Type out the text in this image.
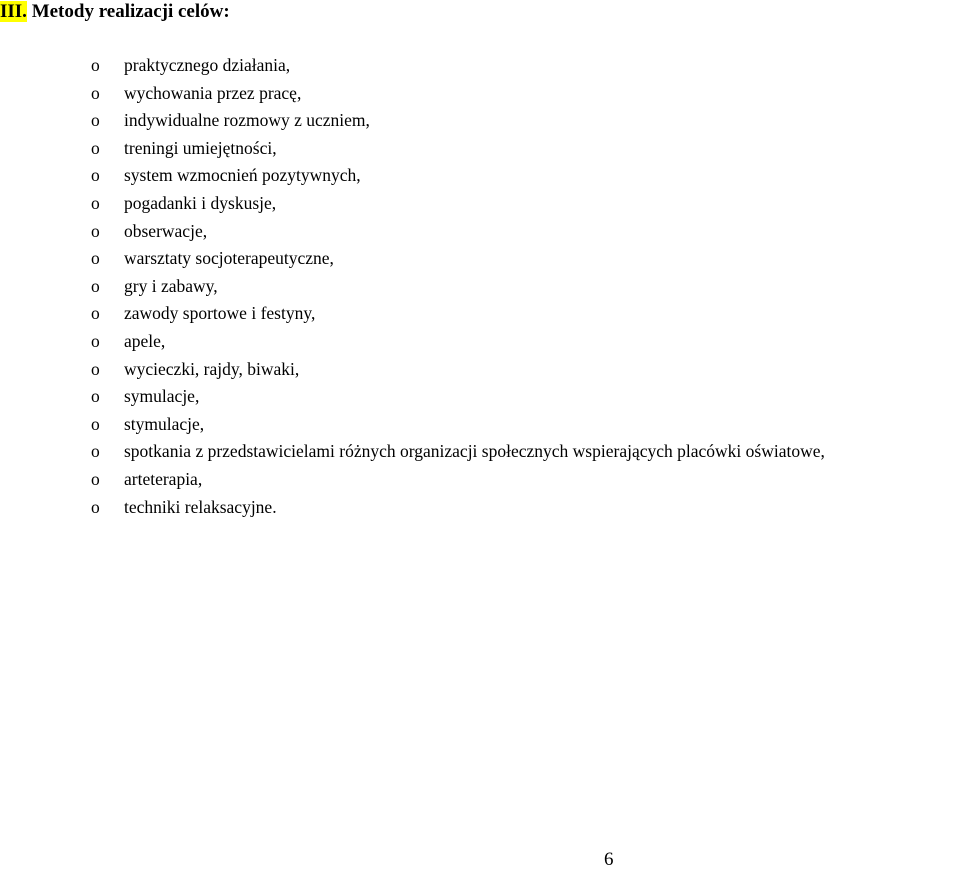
III. Metody realizacji celów:
o praktycznego działania,
o wychowania przez pracę,
o indywidualne rozmowy z uczniem,
o treningi umiejętności,
o system wzmocnień pozytywnych,
o pogadanki i dyskusje,
o obserwacje,
o warsztaty socjoterapeutyczne,
o gry i zabawy,
o zawody sportowe i festyny,
o apele,
o wycieczki, rajdy, biwaki,
o symulacje,
o stymulacje,
o spotkania z przedstawicielami różnych organizacji społecznych wspierających placówki oświatowe,
o arteterapia,
o techniki relaksacyjne.
6
